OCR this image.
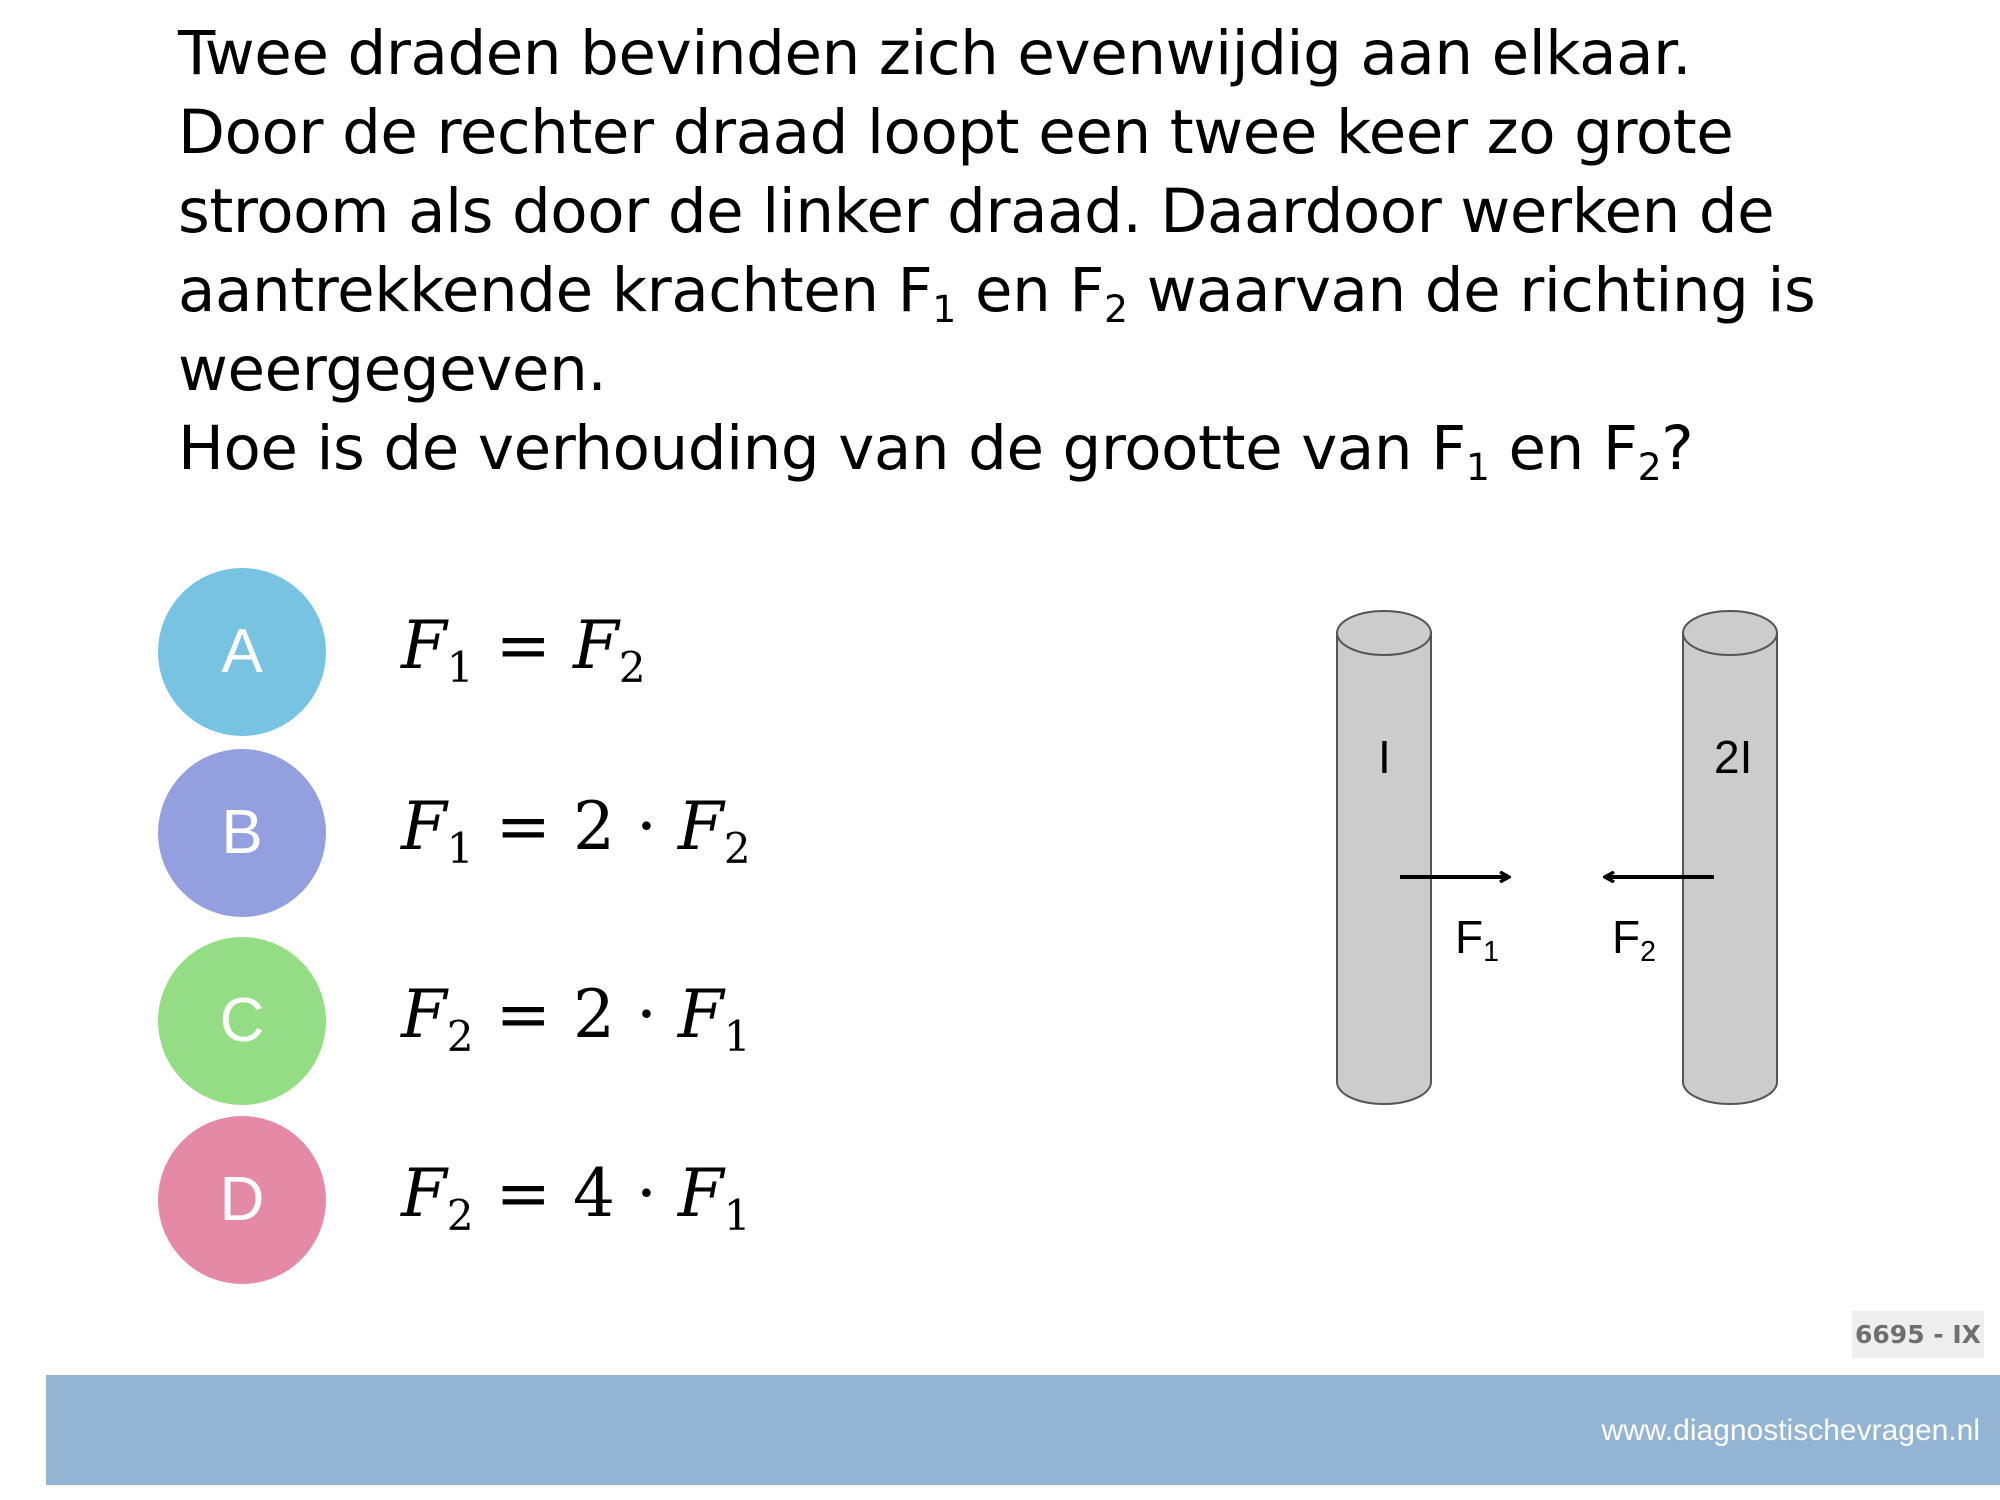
Twee draden bevinden zich evenwijdig aan elkaar.
Door de rechter draad loopt een twee keer zo grote
stroom als door de linker draad. Daardoor werken de
aantrekkende krachten $F_1$ en $F_2$ waarvan de richting is
weergegeven.
Hoe is de verhouding van de grootte van $F_1$ en $F_2$?
A	$F_1 = F_2$
B	$F_1 = 2 \cdot F_2$
C	$F_2 = 2 \cdot F_1$
D	$F_2 = 4 \cdot F_1$
I	2I
$F_1$ $F_2$
6695 - IX
www.diagnostischevragen.nl
